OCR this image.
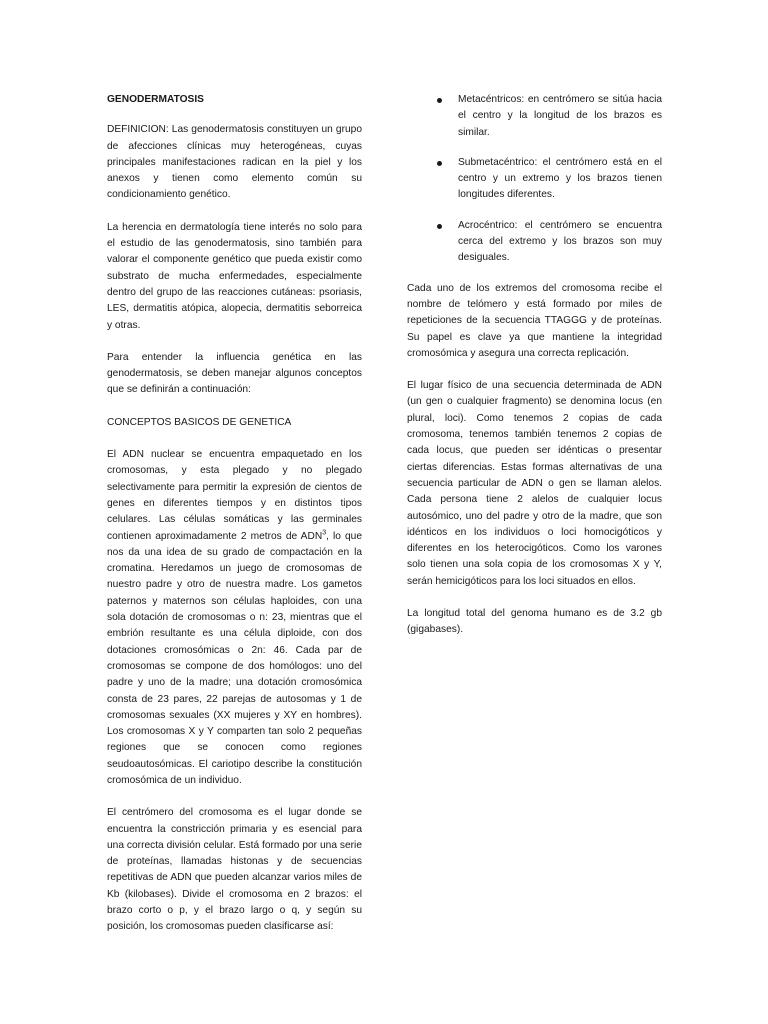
GENODERMATOSIS

DEFINICION: Las genodermatosis constituyen un grupo de afecciones clínicas muy heterogéneas, cuyas principales manifestaciones radican en la piel y los anexos y tienen como elemento común su condicionamiento genético.

La herencia en dermatología tiene interés no solo para el estudio de las genodermatosis, sino también para valorar el componente genético que pueda existir como substrato de mucha enfermedades, especialmente dentro del grupo de las reacciones cutáneas: psoriasis, LES, dermatitis atópica, alopecia, dermatitis seborreica y otras.

Para entender la influencia genética en las genodermatosis, se deben manejar algunos conceptos que se definirán a continuación:

CONCEPTOS BASICOS DE GENETICA

El ADN nuclear se encuentra empaquetado en los cromosomas, y esta plegado y no plegado selectivamente para permitir la expresión de cientos de genes en diferentes tiempos y en distintos tipos celulares. Las células somáticas y las germinales contienen aproximadamente 2 metros de ADN$^3$, lo que nos da una idea de su grado de compactación en la cromatina. Heredamos un juego de cromosomas de nuestro padre y otro de nuestra madre. Los gametos paternos y maternos son células haploides, con una sola dotación de cromosomas o n: 23, mientras que el embrión resultante es una célula diploide, con dos dotaciones cromosómicas o 2n: 46. Cada par de cromosomas se compone de dos homólogos: uno del padre y uno de la madre; una dotación cromosómica consta de 23 pares, 22 parejas de autosomas y 1 de cromosomas sexuales (XX mujeres y XY en hombres). Los cromosomas X y Y comparten tan solo 2 pequeñas regiones que se conocen como regiones seudoautosómicas. El cariotipo describe la constitución cromosómica de un individuo.

El centrómero del cromosoma es el lugar donde se encuentra la constricción primaria y es esencial para una correcta división celular. Está formado por una serie de proteínas, llamadas histonas y de secuencias repetitivas de ADN que pueden alcanzar varios miles de Kb (kilobases). Divide el cromosoma en 2 brazos: el brazo corto o p, y el brazo largo o q, y según su posición, los cromosomas pueden clasificarse así:

Metacéntricos: en centrómero se sitúa hacia el centro y la longitud de los brazos es similar.

Submetacéntrico: el centrómero está en el centro y un extremo y los brazos tienen longitudes diferentes.

Acrocéntrico: el centrómero se encuentra cerca del extremo y los brazos son muy desiguales.

Cada uno de los extremos del cromosoma recibe el nombre de telómero y está formado por miles de repeticiones de la secuencia TTAGGG y de proteínas. Su papel es clave ya que mantiene la integridad cromosómica y asegura una correcta replicación.

El lugar físico de una secuencia determinada de ADN (un gen o cualquier fragmento) se denomina locus (en plural, loci). Como tenemos 2 copias de cada cromosoma, tenemos también tenemos 2 copias de cada locus, que pueden ser idénticas o presentar ciertas diferencias. Estas formas alternativas de una secuencia particular de ADN o gen se llaman alelos. Cada persona tiene 2 alelos de cualquier locus autosómico, uno del padre y otro de la madre, que son idénticos en los individuos o loci homocigóticos y diferentes en los heterocigóticos. Como los varones solo tienen una sola copia de los cromosomas X y Y, serán hemicigóticos para los loci situados en ellos.

La longitud total del genoma humano es de 3.2 gb (gigabases).
